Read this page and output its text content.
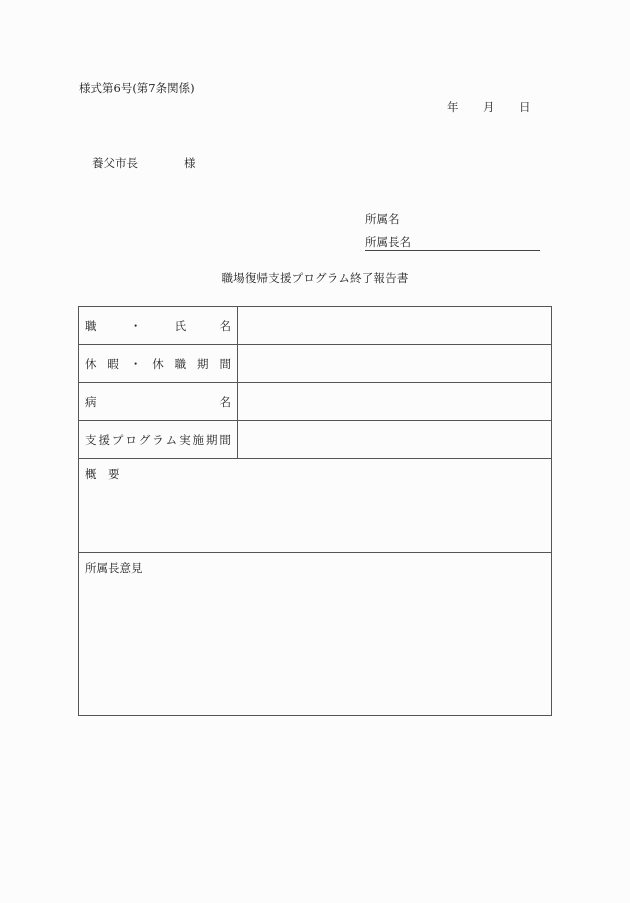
様式第6号(第7条関係)
年	月	日
養父市長	様
所属名
所属長名
職場復帰支援プログラム終了報告書
職 ・ 氏 名	

休 暇 ・ 休 職 期 間

病 名	

支 援 プ ロ グ ラ ム 実 施 期 間

概　要	
所属長意見	
